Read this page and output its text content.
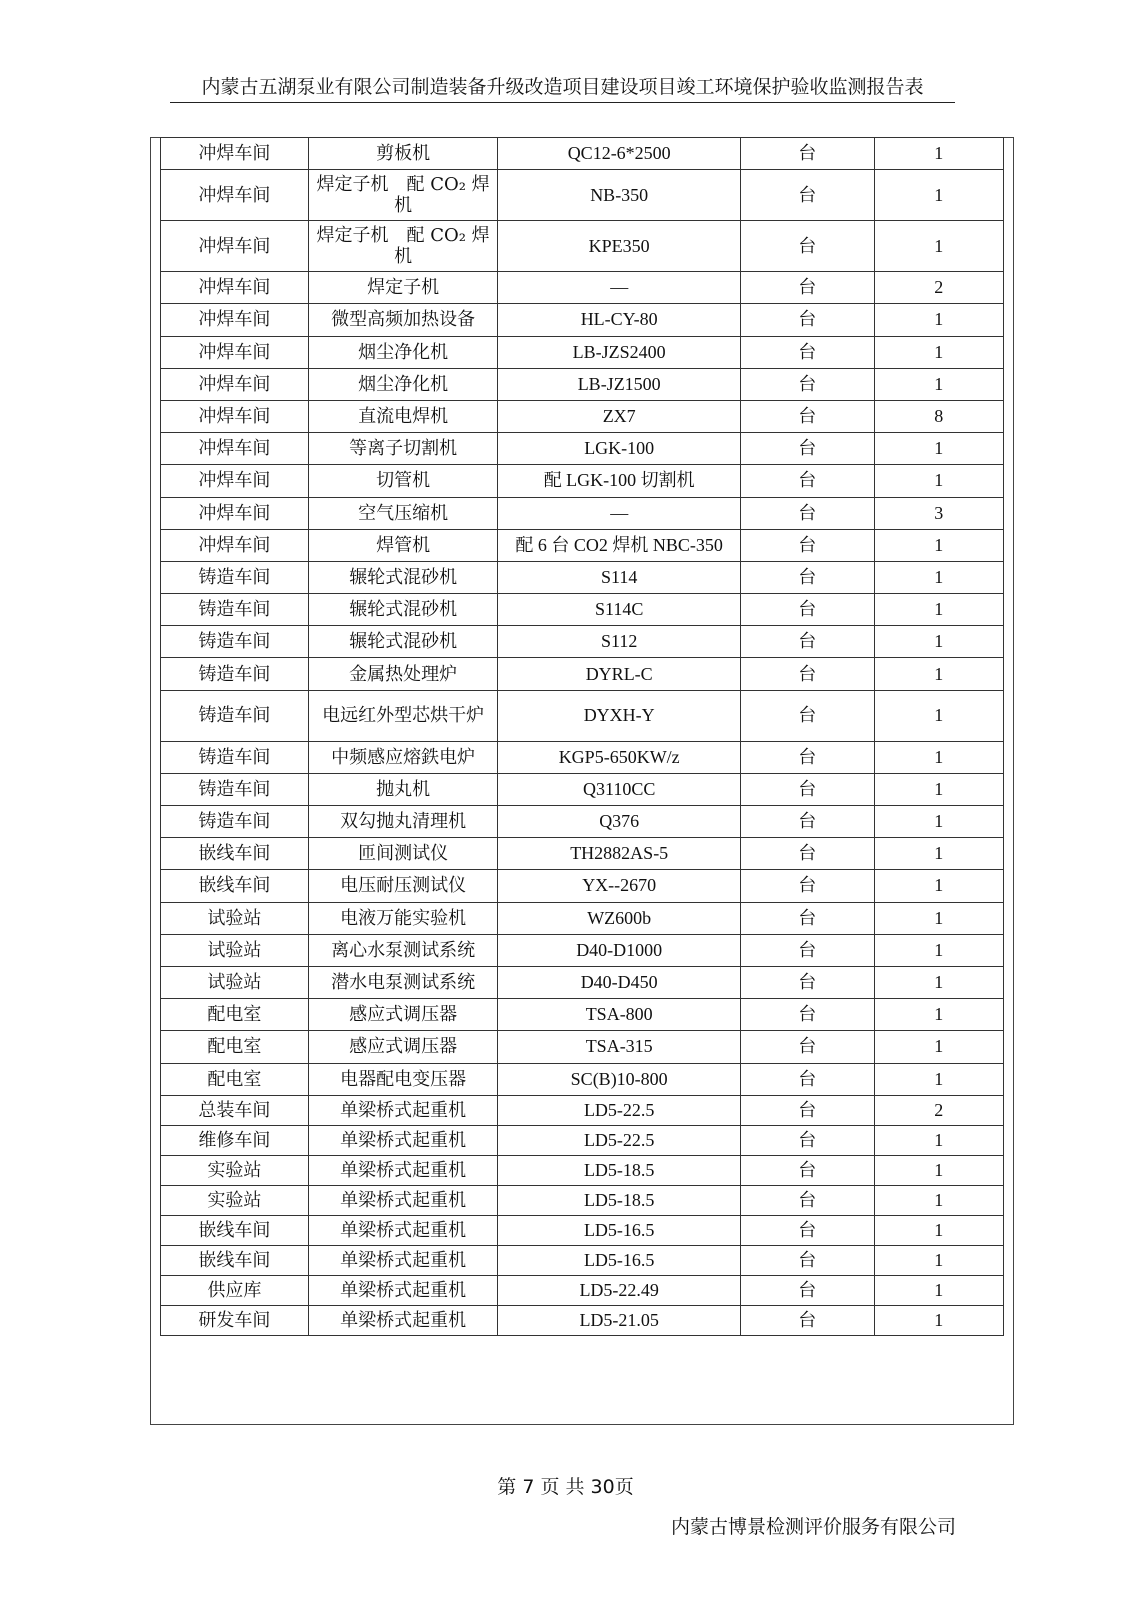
内蒙古五湖泵业有限公司制造装备升级改造项目建设项目竣工环境保护验收监测报告表
冲焊车间	剪板机	QC12-6*2500	台	1
冲焊车间	焊定子机　配 CO₂ 焊机	NB-350	台	1
冲焊车间	焊定子机　配 CO₂ 焊机	KPE350	台	1
冲焊车间	焊定子机	—	台	2
冲焊车间	微型高频加热设备	HL-CY-80	台	1
冲焊车间	烟尘净化机	LB-JZS2400	台	1
冲焊车间	烟尘净化机	LB-JZ1500	台	1
冲焊车间	直流电焊机	ZX7	台	8
冲焊车间	等离子切割机	LGK-100	台	1
冲焊车间	切管机	配 LGK-100 切割机	台	1
冲焊车间	空气压缩机	—	台	3
冲焊车间	焊管机	配 6 台 CO2 焊机 NBC-350	台	1
铸造车间	辗轮式混砂机	S114	台	1
铸造车间	辗轮式混砂机	S114C	台	1
铸造车间	辗轮式混砂机	S112	台	1
铸造车间	金属热处理炉	DYRL-C	台	1
铸造车间	电远红外型芯烘干炉	DYXH-Y	台	1
铸造车间	中频感应熔鉄电炉	KGP5-650KW/z	台	1
铸造车间	抛丸机	Q3110CC	台	1
铸造车间	双勾抛丸清理机	Q376	台	1
嵌线车间	匝间测试仪	TH2882AS-5	台	1
嵌线车间	电压耐压测试仪	YX--2670	台	1
试验站	电液万能实验机	WZ600b	台	1
试验站	离心水泵测试系统	D40-D1000	台	1
试验站	潜水电泵测试系统	D40-D450	台	1
配电室	感应式调压器	TSA-800	台	1
配电室	感应式调压器	TSA-315	台	1
配电室	电器配电变压器	SC(B)10-800	台	1
总装车间	单梁桥式起重机	LD5-22.5	台	2
维修车间	单梁桥式起重机	LD5-22.5	台	1
实验站	单梁桥式起重机	LD5-18.5	台	1
实验站	单梁桥式起重机	LD5-18.5	台	1
嵌线车间	单梁桥式起重机	LD5-16.5	台	1
嵌线车间	单梁桥式起重机	LD5-16.5	台	1
供应库	单梁桥式起重机	LD5-22.49	台	1
研发车间	单梁桥式起重机	LD5-21.05	台	1
第 7 页 共 30页
内蒙古博景检测评价服务有限公司
